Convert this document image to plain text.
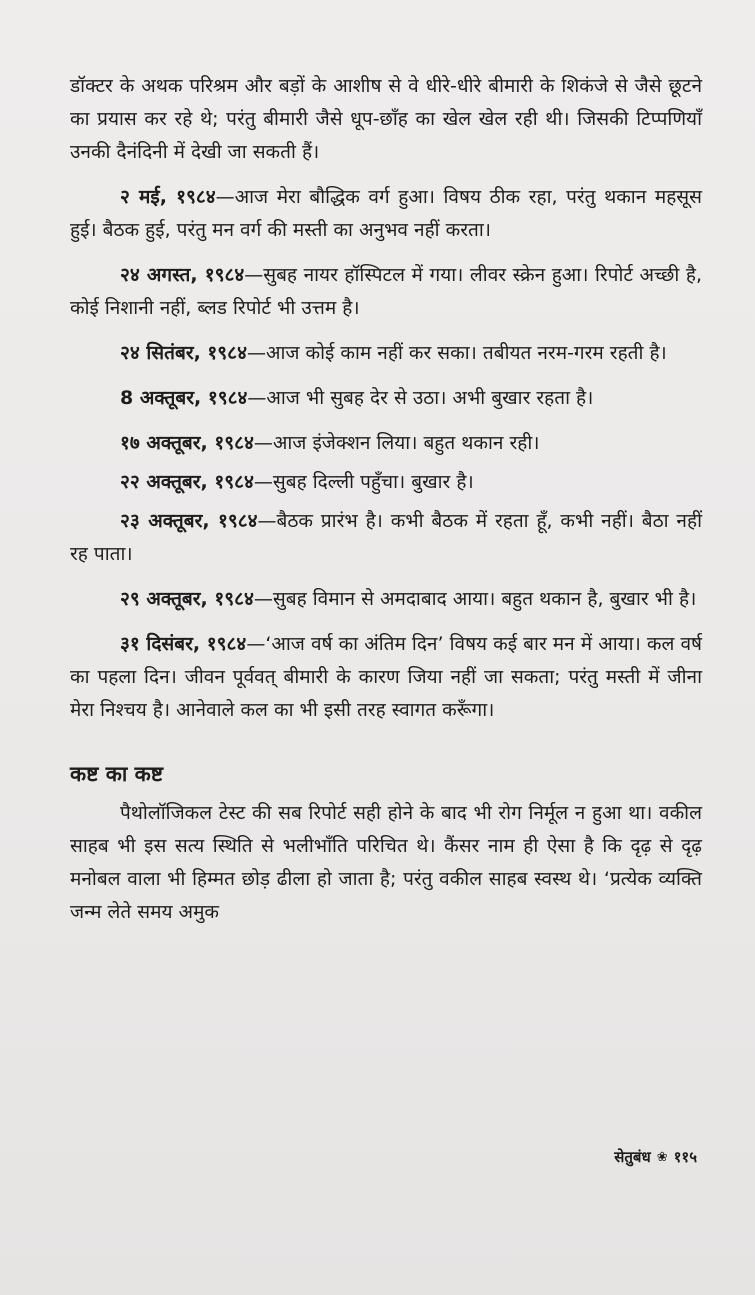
डॉक्टर के अथक परिश्रम और बड़ों के आशीष से वे धीरे-धीरे बीमारी के शिकंजे से जैसे छूटने का प्रयास कर रहे थे; परंतु बीमारी जैसे धूप-छाँह का खेल खेल रही थी। जिसकी टिप्पणियाँ उनकी दैनंदिनी में देखी जा सकती हैं।

२ मई, १९८४—आज मेरा बौद्धिक वर्ग हुआ। विषय ठीक रहा, परंतु थकान महसूस हुई। बैठक हुई, परंतु मन वर्ग की मस्ती का अनुभव नहीं करता।

२४ अगस्त, १९८४—सुबह नायर हॉस्पिटल में गया। लीवर स्क्रेन हुआ। रिपोर्ट अच्छी है, कोई निशानी नहीं, ब्लड रिपोर्ट भी उत्तम है।

२४ सितंबर, १९८४—आज कोई काम नहीं कर सका। तबीयत नरम-गरम रहती है।

8 अक्तूबर, १९८४—आज भी सुबह देर से उठा। अभी बुखार रहता है।

१७ अक्तूबर, १९८४—आज इंजेक्शन लिया। बहुत थकान रही।

२२ अक्तूबर, १९८४—सुबह दिल्ली पहुँचा। बुखार है।

२३ अक्तूबर, १९८४—बैठक प्रारंभ है। कभी बैठक में रहता हूँ, कभी नहीं। बैठा नहीं रह पाता।

२९ अक्तूबर, १९८४—सुबह विमान से अमदाबाद आया। बहुत थकान है, बुखार भी है।

३१ दिसंबर, १९८४—‘आज वर्ष का अंतिम दिन’ विषय कई बार मन में आया। कल वर्ष का पहला दिन। जीवन पूर्ववत् बीमारी के कारण जिया नहीं जा सकता; परंतु मस्ती में जीना मेरा निश्चय है। आनेवाले कल का भी इसी तरह स्वागत करूँगा।

कष्ट का कष्ट

पैथोलॉजिकल टेस्ट की सब रिपोर्ट सही होने के बाद भी रोग निर्मूल न हुआ था। वकील साहब भी इस सत्य स्थिति से भलीभाँति परिचित थे। कैंसर नाम ही ऐसा है कि दृढ़ से दृढ़ मनोबल वाला भी हिम्मत छोड़ ढीला हो जाता है; परंतु वकील साहब स्वस्थ थे। ‘प्रत्येक व्यक्ति जन्म लेते समय अमुक

सेतुबंध ❀ ११५
